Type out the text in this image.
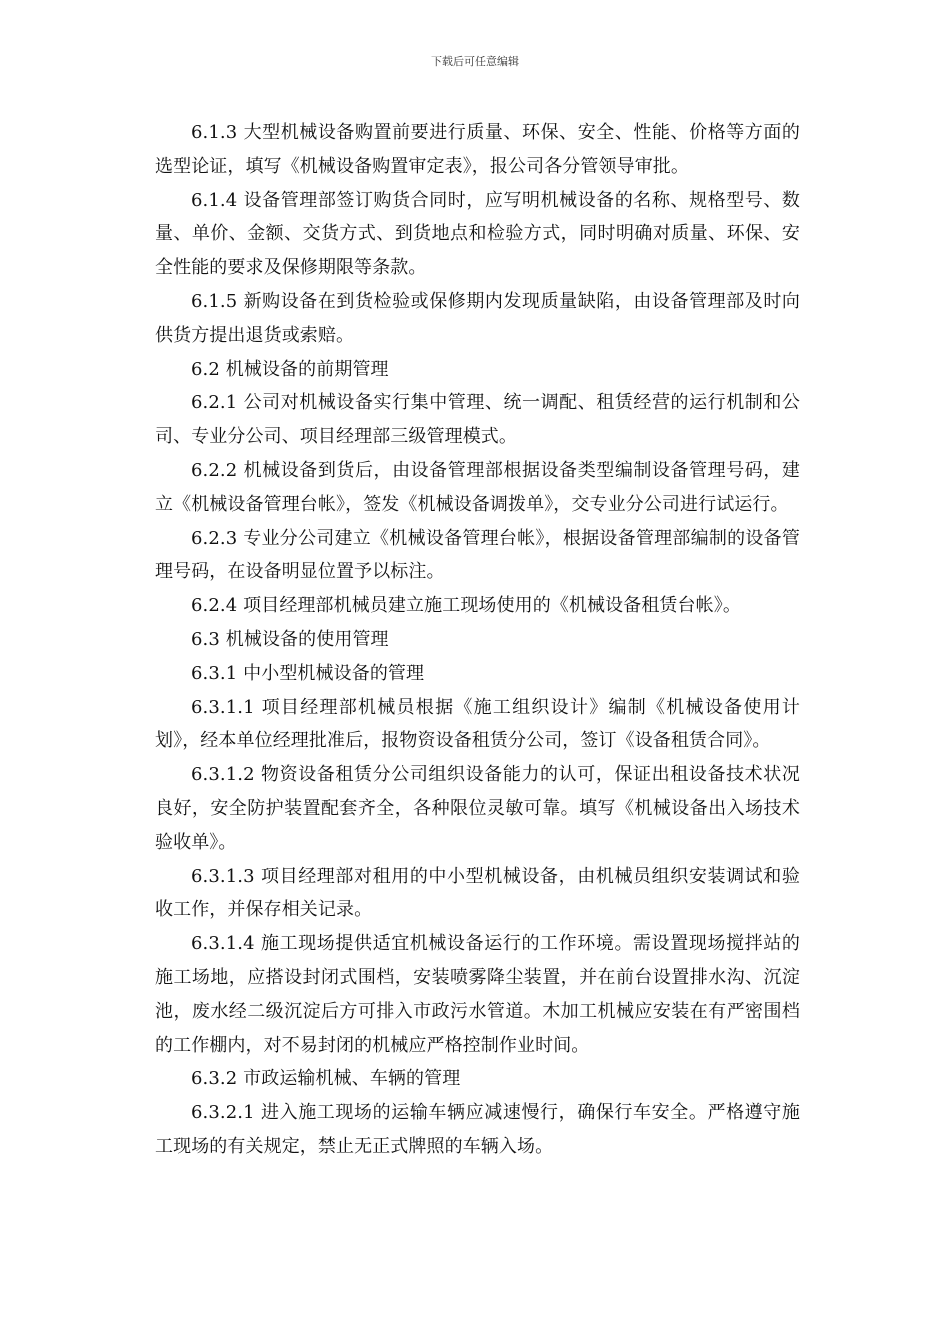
下载后可任意编辑

6.1.3 大型机械设备购置前要进行质量、环保、安全、性能、价格等方面的选型论证，填写《机械设备购置审定表》，报公司各分管领导审批。

6.1.4 设备管理部签订购货合同时，应写明机械设备的名称、规格型号、数量、单价、金额、交货方式、到货地点和检验方式，同时明确对质量、环保、安全性能的要求及保修期限等条款。

6.1.5 新购设备在到货检验或保修期内发现质量缺陷，由设备管理部及时向供货方提出退货或索赔。

6.2 机械设备的前期管理

6.2.1 公司对机械设备实行集中管理、统一调配、租赁经营的运行机制和公司、专业分公司、项目经理部三级管理模式。

6.2.2 机械设备到货后，由设备管理部根据设备类型编制设备管理号码，建立《机械设备管理台帐》，签发《机械设备调拨单》，交专业分公司进行试运行。

6.2.3 专业分公司建立《机械设备管理台帐》，根据设备管理部编制的设备管理号码，在设备明显位置予以标注。

6.2.4 项目经理部机械员建立施工现场使用的《机械设备租赁台帐》。

6.3 机械设备的使用管理

6.3.1 中小型机械设备的管理

6.3.1.1 项目经理部机械员根据《施工组织设计》编制《机械设备使用计划》，经本单位经理批准后，报物资设备租赁分公司，签订《设备租赁合同》。

6.3.1.2 物资设备租赁分公司组织设备能力的认可，保证出租设备技术状况良好，安全防护装置配套齐全，各种限位灵敏可靠。填写《机械设备出入场技术验收单》。

6.3.1.3 项目经理部对租用的中小型机械设备，由机械员组织安装调试和验收工作，并保存相关记录。

6.3.1.4 施工现场提供适宜机械设备运行的工作环境。需设置现场搅拌站的施工场地，应搭设封闭式围档，安装喷雾降尘装置，并在前台设置排水沟、沉淀池，废水经二级沉淀后方可排入市政污水管道。木加工机械应安装在有严密围档的工作棚内，对不易封闭的机械应严格控制作业时间。

6.3.2 市政运输机械、车辆的管理

6.3.2.1 进入施工现场的运输车辆应减速慢行，确保行车安全。严格遵守施工现场的有关规定，禁止无正式牌照的车辆入场。
